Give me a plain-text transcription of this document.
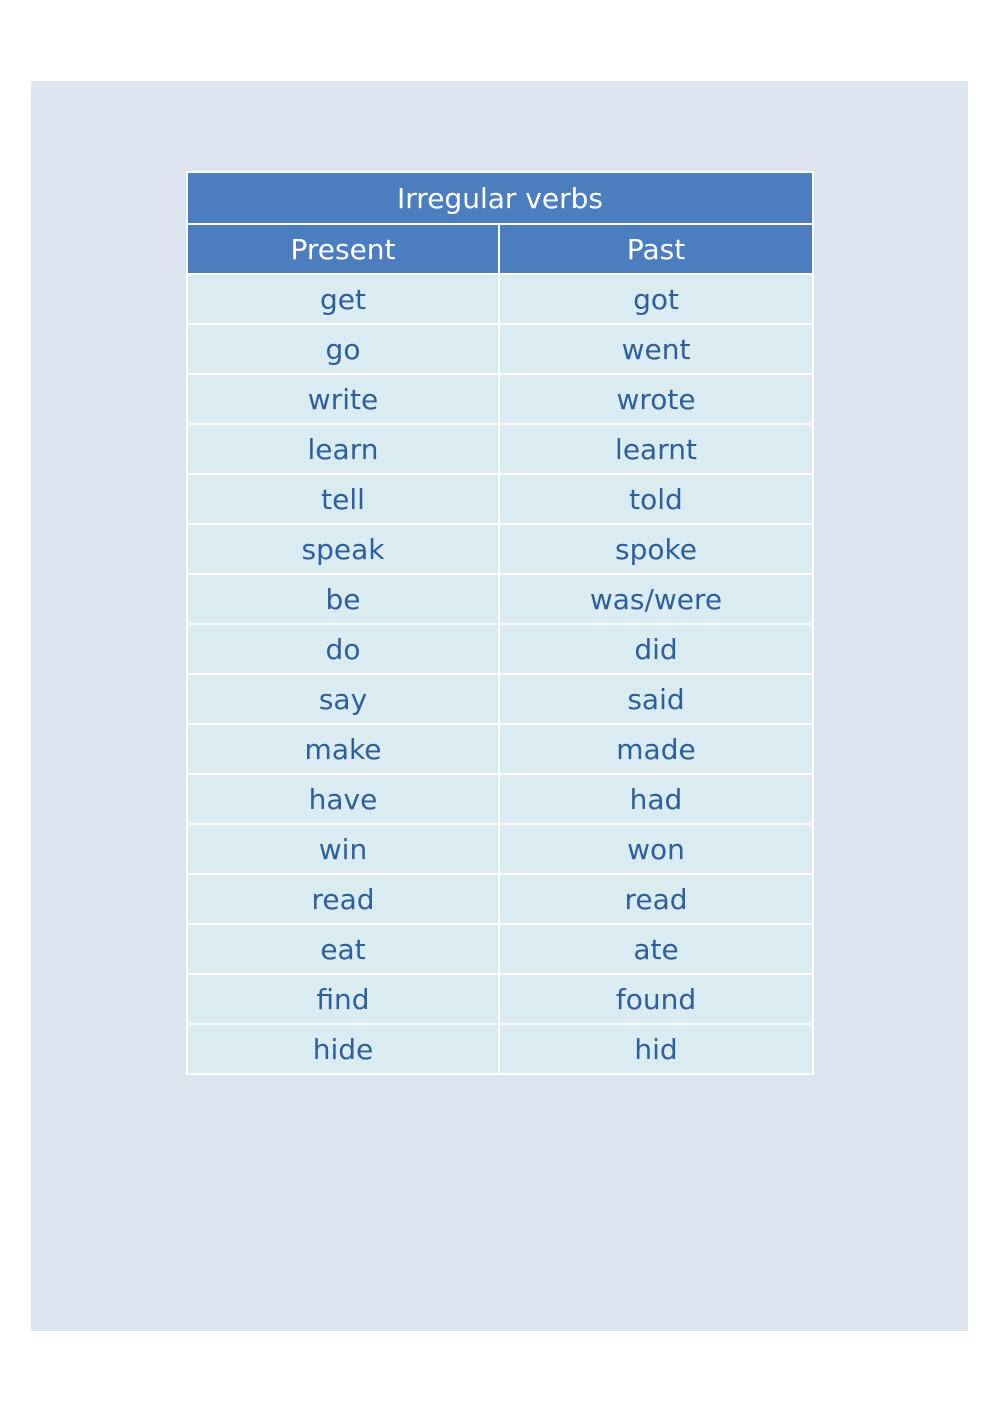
Irregular verbs	
Present	Past
get	got
go	went
write	wrote
learn	learnt
tell	told
speak	spoke
be	was/were
do	did
say	said
make	made
have	had
win	won
read	read
eat	ate
find	found
hide	hid
